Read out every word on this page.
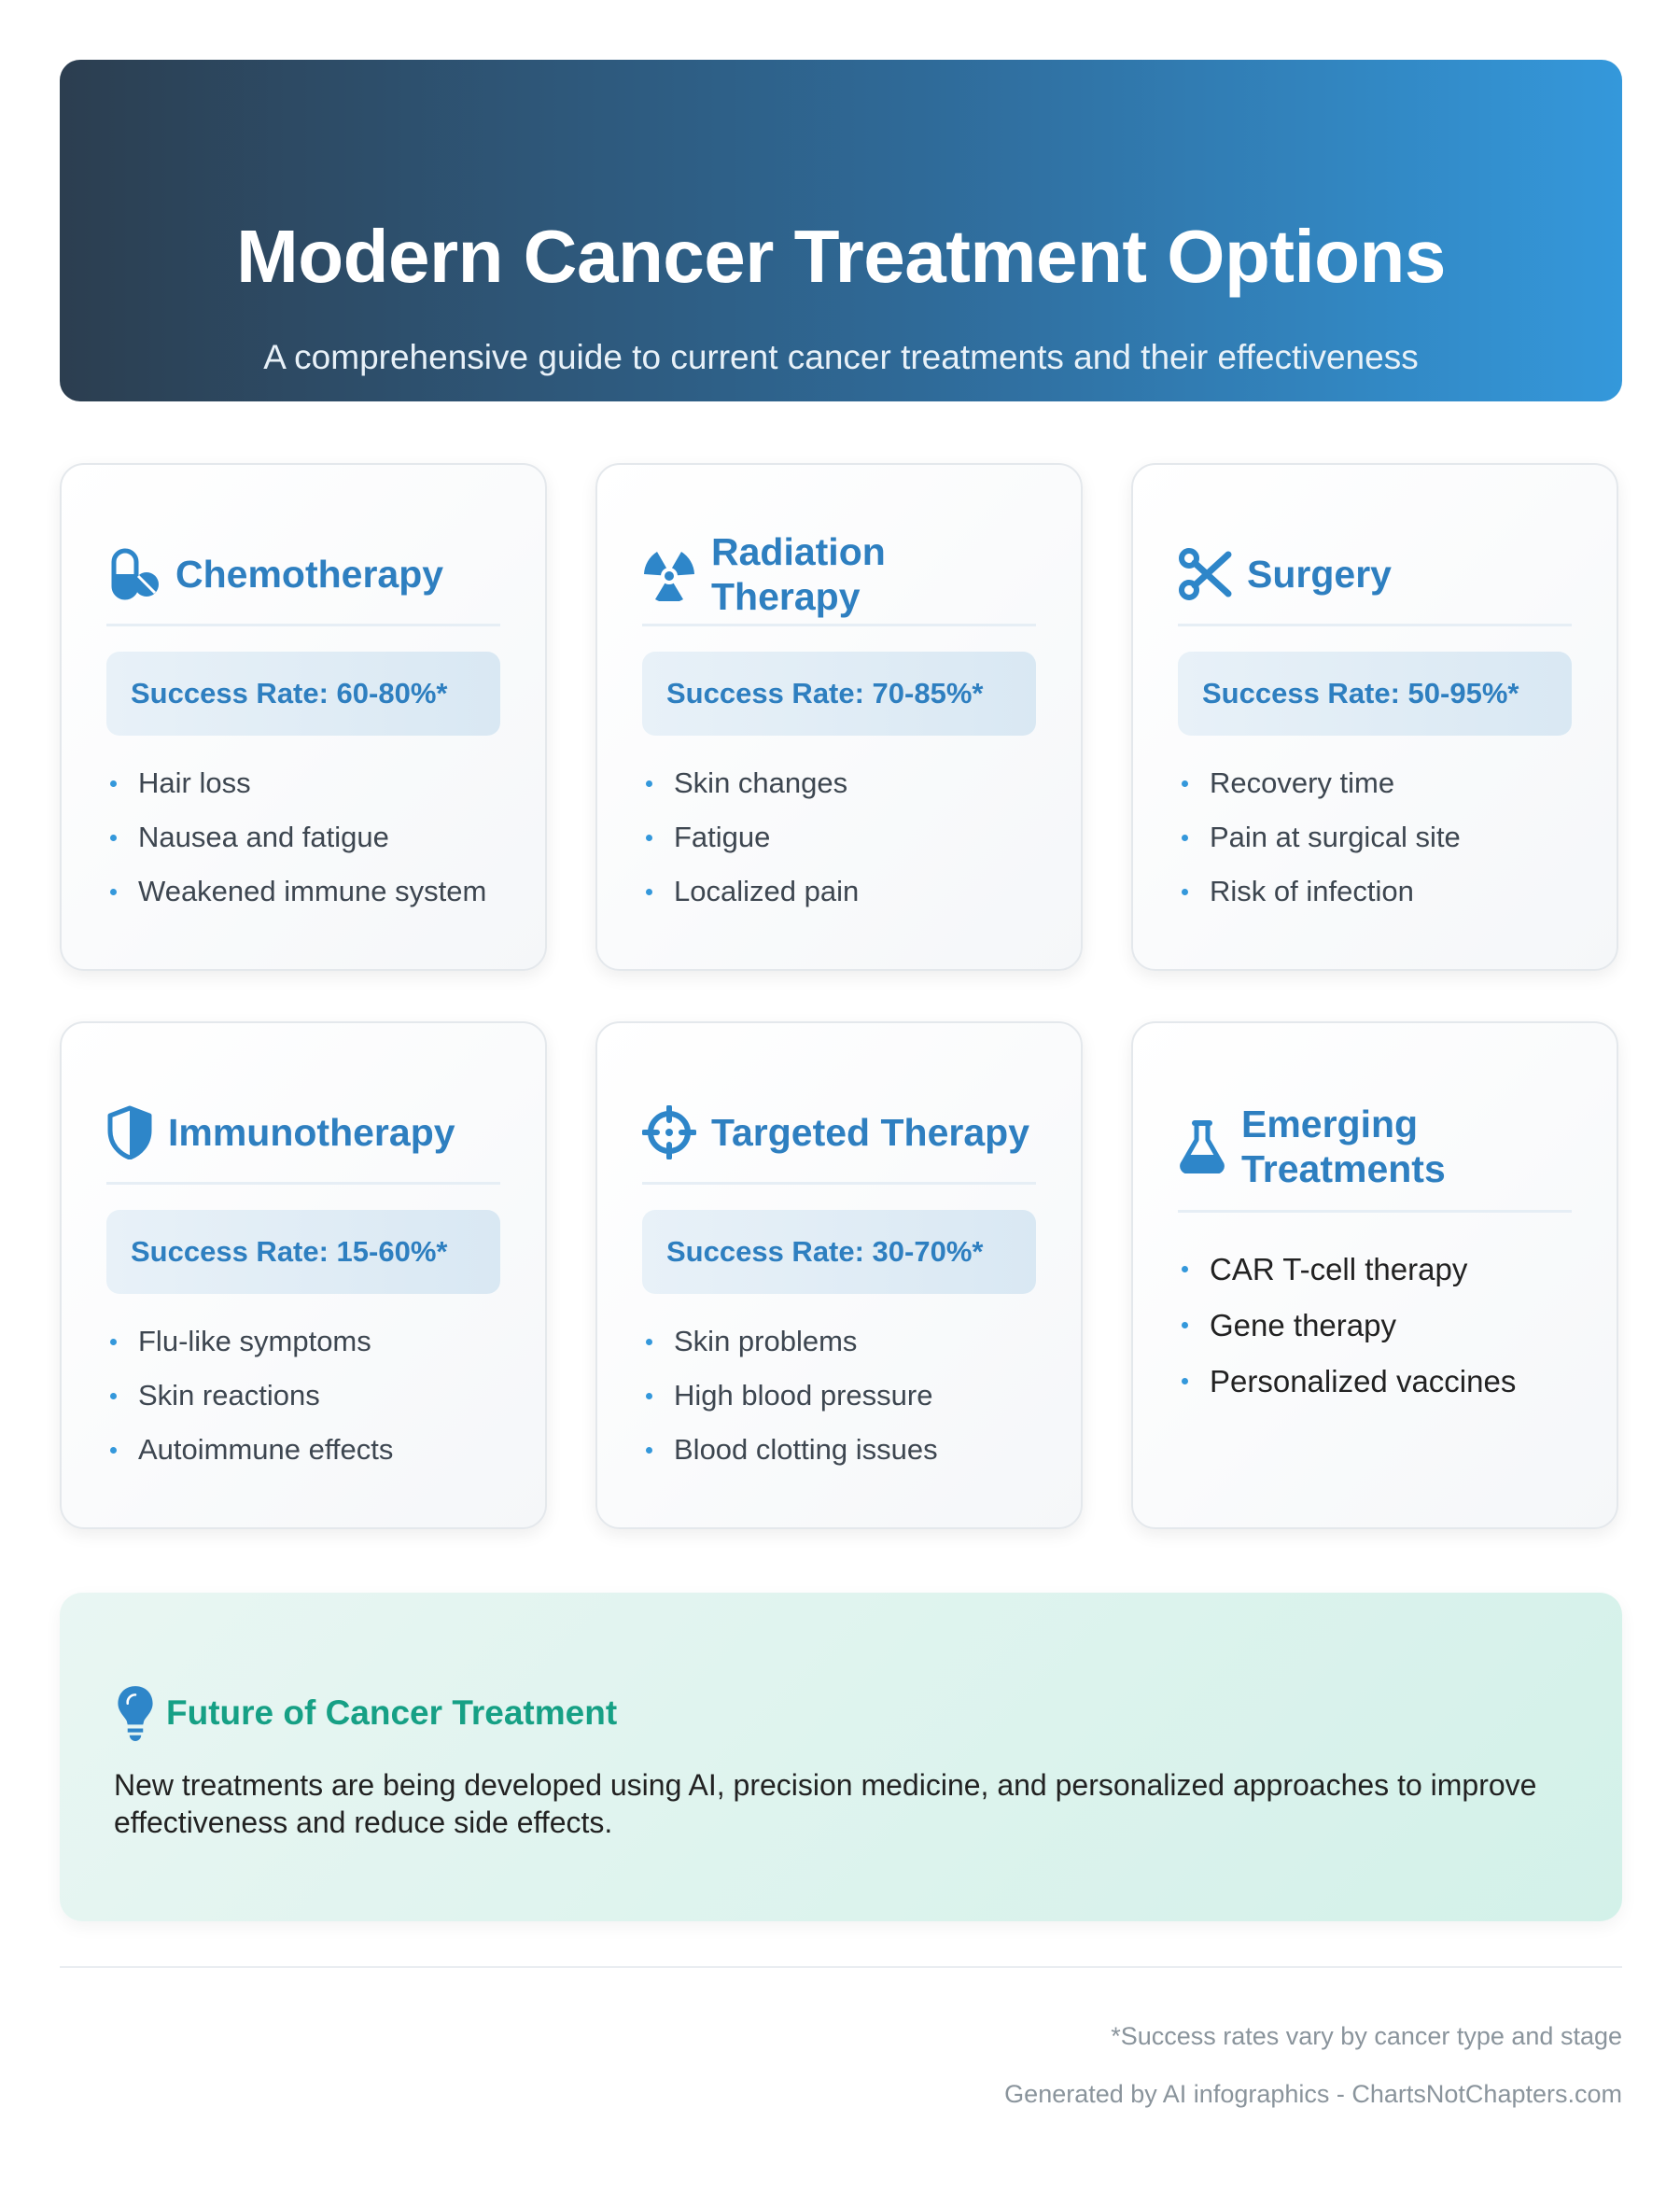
Modern Cancer Treatment Options

A comprehensive guide to current cancer treatments and their effectiveness

Chemotherapy
Success Rate: 60-80%*
Hair loss
Nausea and fatigue
Weakened immune system
Radiation Therapy
Success Rate: 70-85%*
Skin changes
Fatigue
Localized pain
Surgery
Success Rate: 50-95%*
Recovery time
Pain at surgical site
Risk of infection
Immunotherapy
Success Rate: 15-60%*
Flu-like symptoms
Skin reactions
Autoimmune effects
Targeted Therapy
Success Rate: 30-70%*
Skin problems
High blood pressure
Blood clotting issues
Emerging Treatments
CAR T-cell therapy
Gene therapy
Personalized vaccines
Future of Cancer Treatment
New treatments are being developed using AI, precision medicine, and personalized approaches to improve effectiveness and reduce side effects.
*Success rates vary by cancer type and stage
Generated by AI infographics - ChartsNotChapters.com
